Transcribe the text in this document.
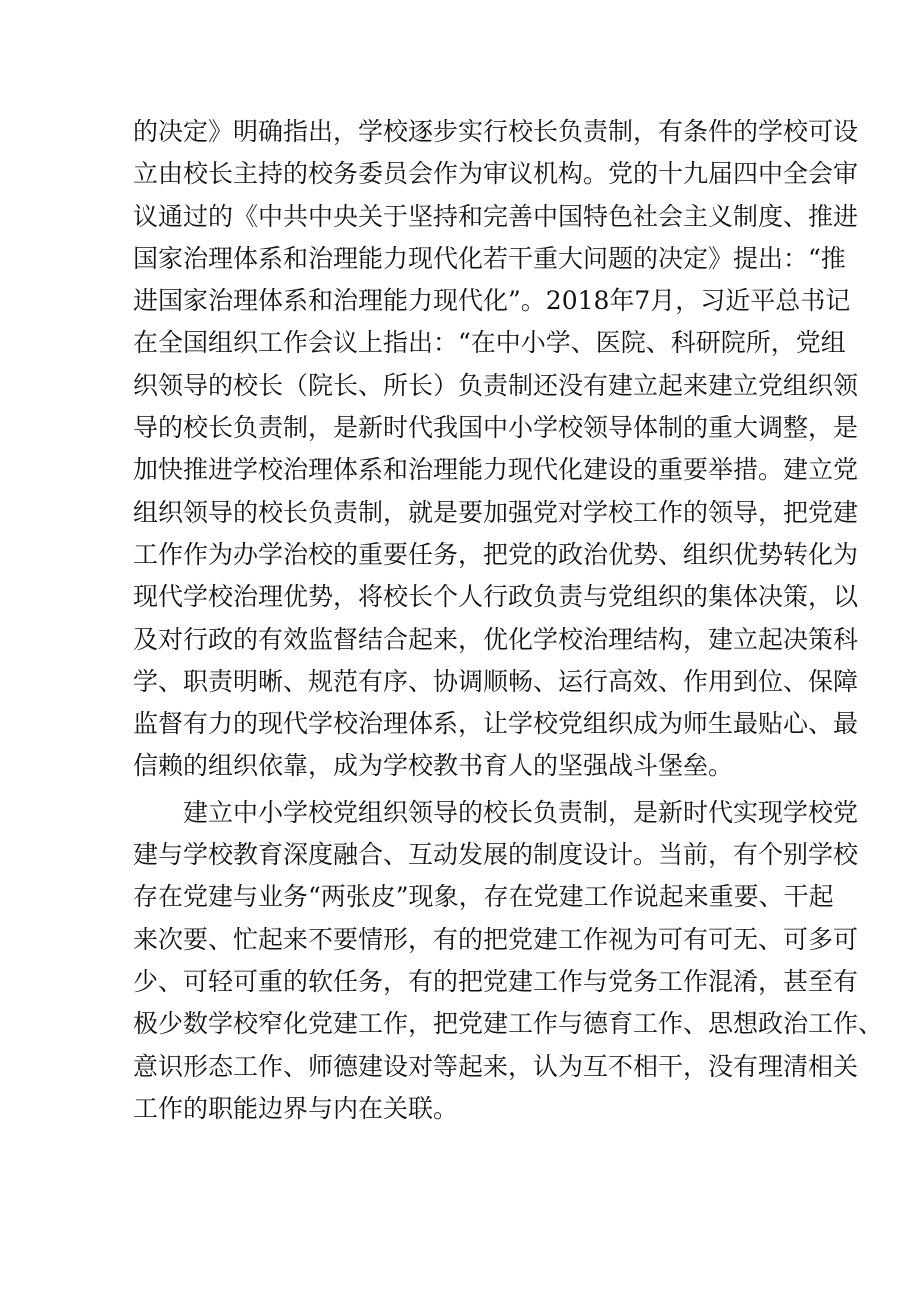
的决定》明确指出，学校逐步实行校长负责制，有条件的学校可设
立由校长主持的校务委员会作为审议机构。党的十九届四中全会审
议通过的《中共中央关于坚持和完善中国特色社会主义制度、推进
国家治理体系和治理能力现代化若干重大问题的决定》提出：“推
进国家治理体系和治理能力现代化”。2018年7月，习近平总书记
在全国组织工作会议上指出：“在中小学、医院、科研院所，党组
织领导的校长（院长、所长）负责制还没有建立起来建立党组织领
导的校长负责制，是新时代我国中小学校领导体制的重大调整，是
加快推进学校治理体系和治理能力现代化建设的重要举措。建立党
组织领导的校长负责制，就是要加强党对学校工作的领导，把党建
工作作为办学治校的重要任务，把党的政治优势、组织优势转化为
现代学校治理优势，将校长个人行政负责与党组织的集体决策，以
及对行政的有效监督结合起来，优化学校治理结构，建立起决策科
学、职责明晰、规范有序、协调顺畅、运行高效、作用到位、保障
监督有力的现代学校治理体系，让学校党组织成为师生最贴心、最
信赖的组织依靠，成为学校教书育人的坚强战斗堡垒。
建立中小学校党组织领导的校长负责制，是新时代实现学校党
建与学校教育深度融合、互动发展的制度设计。当前，有个别学校
存在党建与业务“两张皮”现象，存在党建工作说起来重要、干起
来次要、忙起来不要情形，有的把党建工作视为可有可无、可多可
少、可轻可重的软任务，有的把党建工作与党务工作混淆，甚至有
极少数学校窄化党建工作，把党建工作与德育工作、思想政治工作、
意识形态工作、师德建设对等起来，认为互不相干，没有理清相关
工作的职能边界与内在关联。
